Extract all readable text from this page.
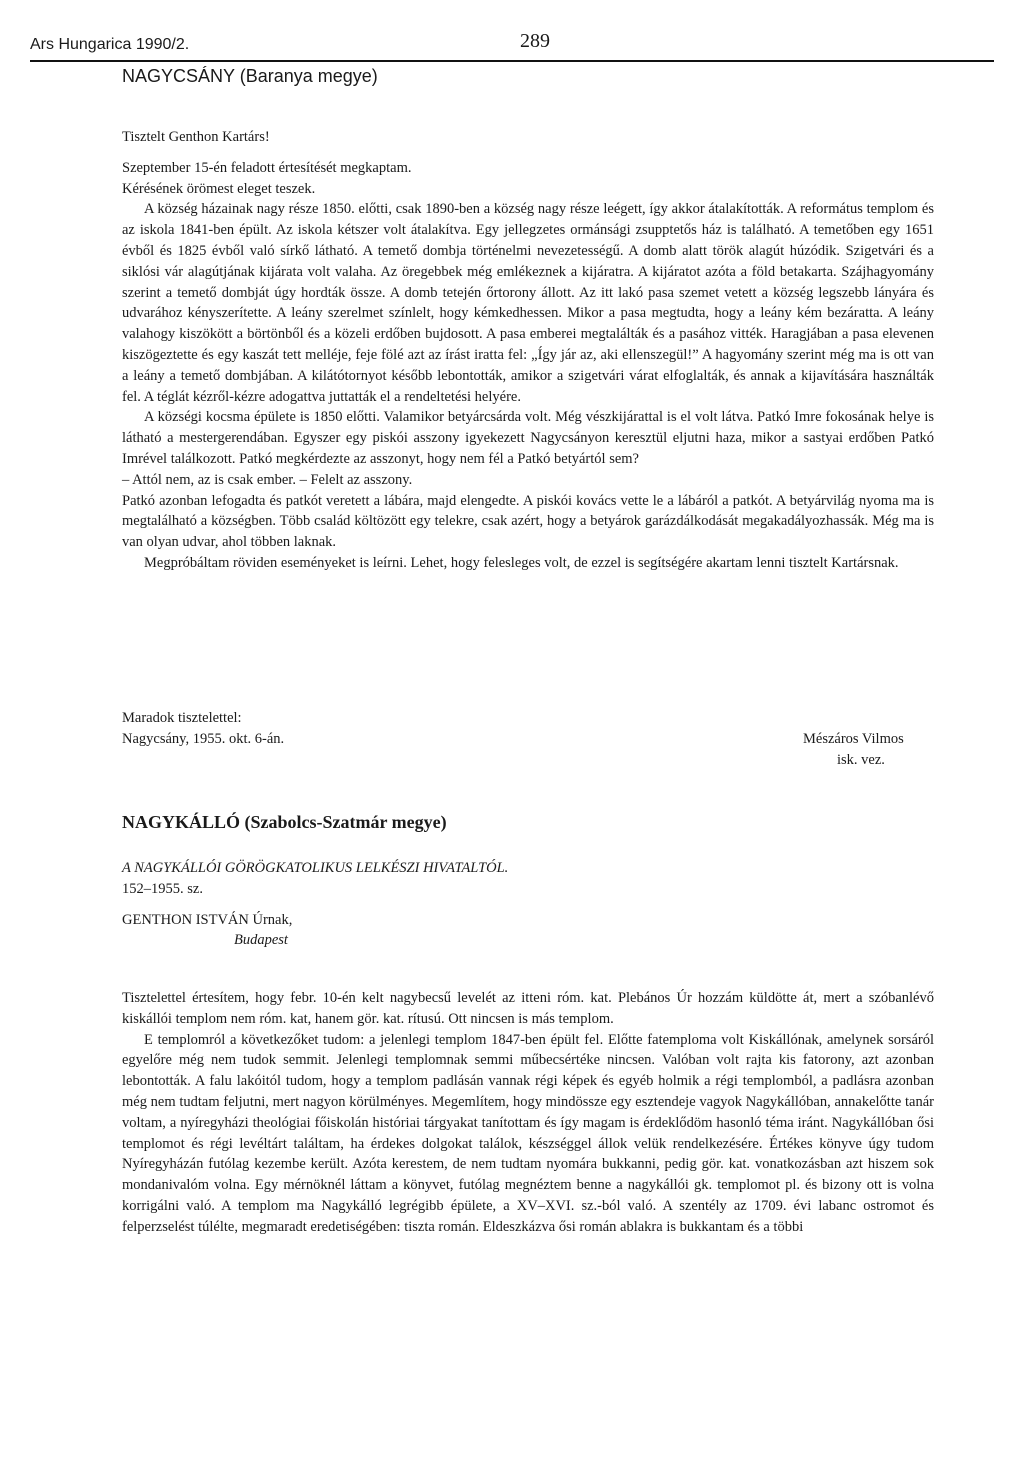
Ars Hungarica 1990/2.	289
NAGYCSÁNY (Baranya megye)

Tisztelt Genthon Kartárs!

Szeptember 15-én feladott értesítését megkaptam.

Kérésének örömest eleget teszek.

A község házainak nagy része 1850. előtti, csak 1890-ben a község nagy része leégett, így akkor átalakították. A református templom és az iskola 1841-ben épült. Az iskola kétszer volt átalakítva. Egy jellegzetes ormánsági zsupptetős ház is található. A temetőben egy 1651 évből és 1825 évből való sírkő látható. A temető dombja történelmi nevezetességű. A domb alatt török alagút húzódik. Szigetvári és a siklósi vár alagútjának kijárata volt valaha. Az öregebbek még emlékeznek a kijáratra. A kijáratot azóta a föld betakarta. Szájhagyomány szerint a temető dombját úgy hordták össze. A domb tetején őrtorony állott. Az itt lakó pasa szemet vetett a község legszebb lányára és udvarához kényszerítette. A leány szerelmet színlelt, hogy kémkedhessen. Mikor a pasa megtudta, hogy a leány kém bezáratta. A leány valahogy kiszökött a börtönből és a közeli erdőben bujdosott. A pasa emberei megtalálták és a pasához vitték. Haragjában a pasa elevenen kiszögeztette és egy kaszát tett melléje, feje fölé azt az írást iratta fel: „Így jár az, aki ellenszegül!” A hagyomány szerint még ma is ott van a leány a temető dombjában. A kilátótornyot később lebontották, amikor a szigetvári várat elfoglalták, és annak a kijavítására használták fel. A téglát kézről-kézre adogattva juttatták el a rendeltetési helyére.

A községi kocsma épülete is 1850 előtti. Valamikor betyárcsárda volt. Még vészkijárattal is el volt látva. Patkó Imre fokosának helye is látható a mestergerendában. Egyszer egy piskói asszony igyekezett Nagycsányon keresztül eljutni haza, mikor a sastyai erdőben Patkó Imrével találkozott. Patkó megkérdezte az asszonyt, hogy nem fél a Patkó betyártól sem?

– Attól nem, az is csak ember. – Felelt az asszony.

Patkó azonban lefogadta és patkót veretett a lábára, majd elengedte. A piskói kovács vette le a lábáról a patkót. A betyárvilág nyoma ma is megtalálható a községben. Több család költözött egy telekre, csak azért, hogy a betyárok garázdálkodását megakadályozhassák. Még ma is van olyan udvar, ahol többen laknak.

Megpróbáltam röviden eseményeket is leírni. Lehet, hogy felesleges volt, de ezzel is segítségére akartam lenni tisztelt Kartársnak.

Maradok tisztelettel:
Nagycsány, 1955. okt. 6-án.	Mészáros Vilmos
isk. vez.
NAGYKÁLLÓ (Szabolcs-Szatmár megye)
A NAGYKÁLLÓI GÖRÖGKATOLIKUS LELKÉSZI HIVATALTÓL.
152–1955. sz.
GENTHON ISTVÁN Úrnak,
Budapest

Tisztelettel értesítem, hogy febr. 10-én kelt nagybecsű levelét az itteni róm. kat. Plebános Úr hozzám küldötte át, mert a szóbanlévő kiskállói templom nem róm. kat, hanem gör. kat. rítusú. Ott nincsen is más templom.

E templomról a következőket tudom: a jelenlegi templom 1847-ben épült fel. Előtte fatemploma volt Kiskállónak, amelynek sorsáról egyelőre még nem tudok semmit. Jelenlegi templomnak semmi műbecsértéke nincsen. Valóban volt rajta kis fatorony, azt azonban lebontották. A falu lakóitól tudom, hogy a templom padlásán vannak régi képek és egyéb holmik a régi templomból, a padlásra azonban még nem tudtam feljutni, mert nagyon körülményes. Megemlítem, hogy mindössze egy esztendeje vagyok Nagykállóban, annakelőtte tanár voltam, a nyíregyházi theológiai főiskolán históriai tárgyakat tanítottam és így magam is érdeklődöm hasonló téma iránt. Nagykállóban ősi templomot és régi levéltárt találtam, ha érdekes dolgokat találok, készséggel állok velük rendelkezésére. Értékes könyve úgy tudom Nyíregyházán futólag kezembe került. Azóta kerestem, de nem tudtam nyomára bukkanni, pedig gör. kat. vonatkozásban azt hiszem sok mondanivalóm volna. Egy mérnöknél láttam a könyvet, futólag megnéztem benne a nagykállói gk. templomot pl. és bizony ott is volna korrigálni való. A templom ma Nagykálló legrégibb épülete, a XV–XVI. sz.-ból való. A szentély az 1709. évi labanc ostromot és felperzselést túlélte, megmaradt eredetiségében: tiszta román. Eldeszkázva ősi román ablakra is bukkantam és a többi
